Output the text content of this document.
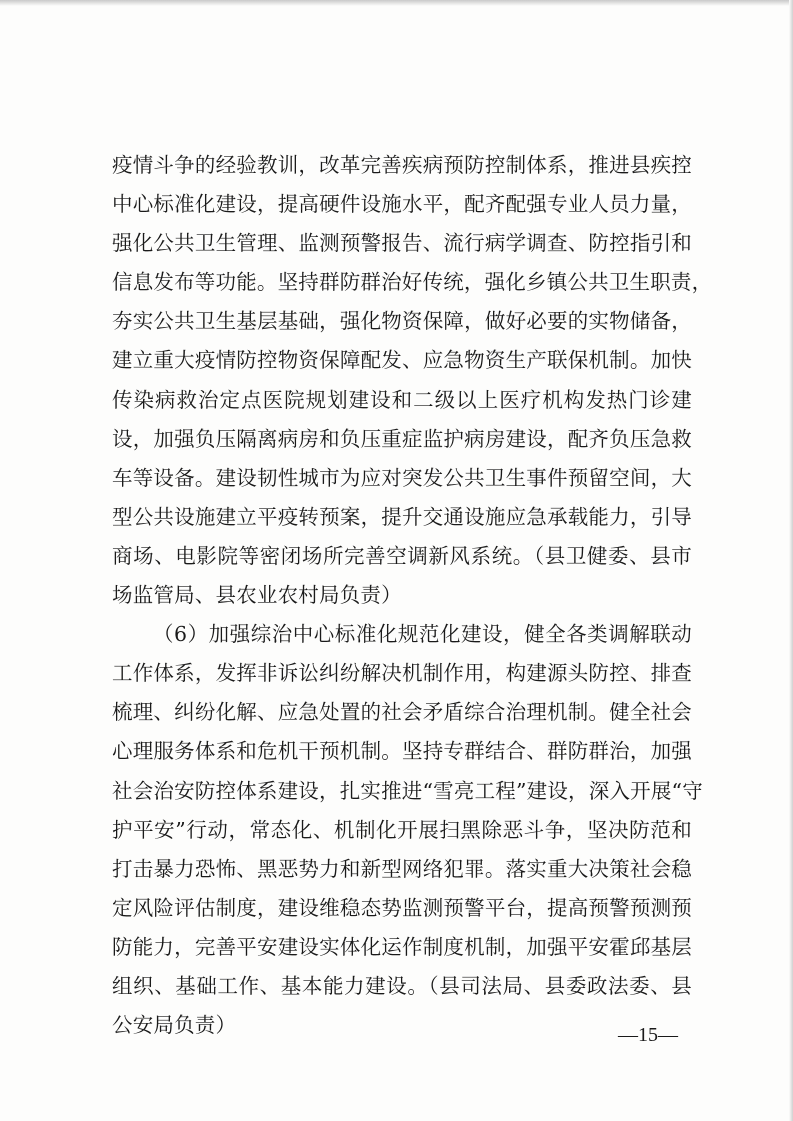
疫情斗争的经验教训，改革完善疾病预防控制体系，推进县疾控
中心标准化建设，提高硬件设施水平，配齐配强专业人员力量，
强化公共卫生管理、监测预警报告、流行病学调查、防控指引和
信息发布等功能。坚持群防群治好传统，强化乡镇公共卫生职责，
夯实公共卫生基层基础，强化物资保障，做好必要的实物储备，
建立重大疫情防控物资保障配发、应急物资生产联保机制。加快
传染病救治定点医院规划建设和二级以上医疗机构发热门诊建
设，加强负压隔离病房和负压重症监护病房建设，配齐负压急救
车等设备。建设韧性城市为应对突发公共卫生事件预留空间，大
型公共设施建立平疫转预案，提升交通设施应急承载能力，引导
商场、电影院等密闭场所完善空调新风系统。（县卫健委、县市
场监管局、县农业农村局负责）
（6）加强综治中心标准化规范化建设，健全各类调解联动
工作体系，发挥非诉讼纠纷解决机制作用，构建源头防控、排查
梳理、纠纷化解、应急处置的社会矛盾综合治理机制。健全社会
心理服务体系和危机干预机制。坚持专群结合、群防群治，加强
社会治安防控体系建设，扎实推进“雪亮工程”建设，深入开展“守
护平安”行动，常态化、机制化开展扫黑除恶斗争，坚决防范和
打击暴力恐怖、黑恶势力和新型网络犯罪。落实重大决策社会稳
定风险评估制度，建设维稳态势监测预警平台，提高预警预测预
防能力，完善平安建设实体化运作制度机制，加强平安霍邱基层
组织、基础工作、基本能力建设。（县司法局、县委政法委、县
公安局负责）	—15—
